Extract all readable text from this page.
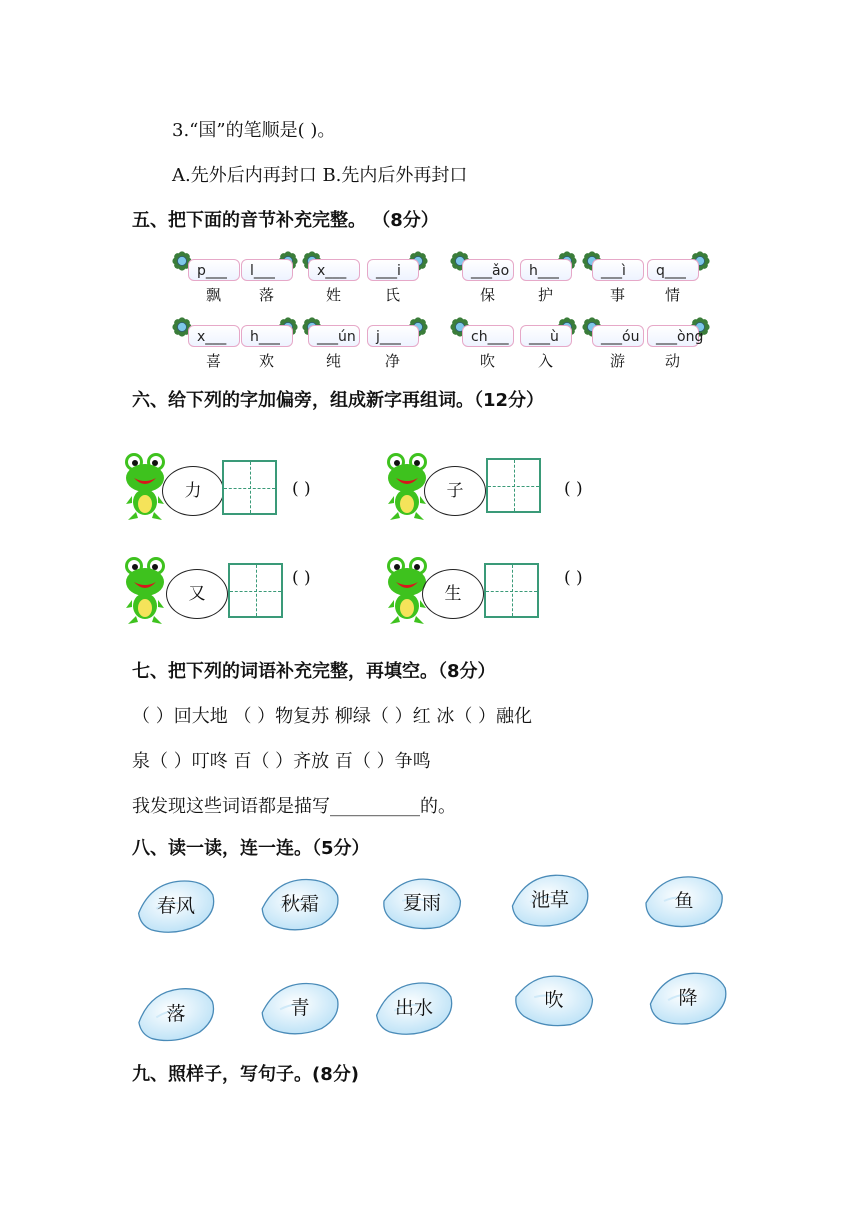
3.“国”的笔顺是( )。
A.先外后内再封口 B.先内后外再封口
五、把下面的音节补充完整。 （8分）
p___	l___	x___	___i	___ǎo	h___	___ì	q___
飘	落	姓	氏	保	护	事	情
x___	h___	___ún	j___	ch___	___ù	___óu	___òng
喜	欢	纯	净	吹	入	游	动
六、给下列的字加偏旁，组成新字再组词。（12分）
力	( )	子	( )
又
( )
生
( )
七、把下列的词语补充完整，再填空。（8分）
（ ）回大地 （ ）物复苏 柳绿（ ）红 冰（ ）融化
泉（ ）叮咚 百（ ）齐放 百（ ）争鸣
我发现这些词语都是描写__________的。
八、读一读，连一连。（5分）
春风	秋霜	夏雨	池草	鱼
落	青	出水	吹	降
九、照样子，写句子。(8分)
